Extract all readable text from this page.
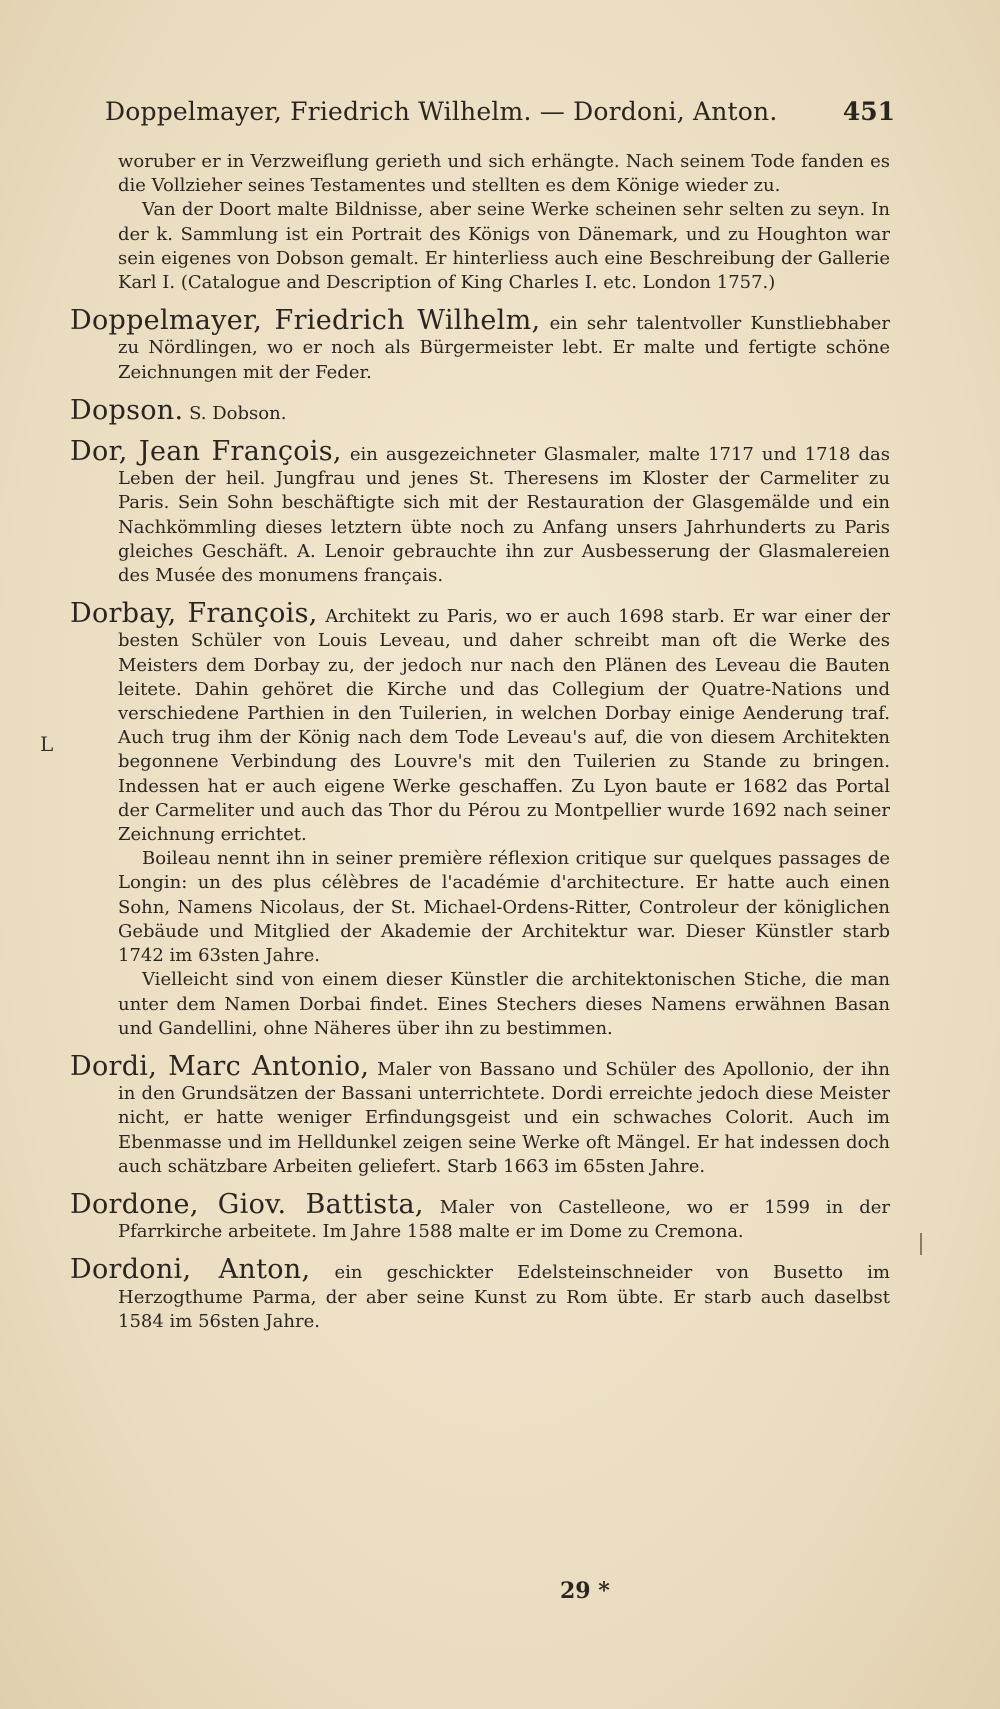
Doppelmayer, Friedrich Wilhelm. — Dordoni, Anton.	451

woruber er in Verzweiflung gerieth und sich erhängte. Nach seinem Tode fanden es die Vollzieher seines Testamentes und stellten es dem Könige wieder zu.

Van der Doort malte Bildnisse, aber seine Werke scheinen sehr selten zu seyn. In der k. Sammlung ist ein Portrait des Königs von Dänemark, und zu Houghton war sein eigenes von Dobson gemalt. Er hinterliess auch eine Beschreibung der Gallerie Karl I. (Catalogue and Description of King Charles I. etc. London 1757.)

Doppelmayer, Friedrich Wilhelm, ein sehr talentvoller Kunstliebhaber zu Nördlingen, wo er noch als Bürgermeister lebt. Er malte und fertigte schöne Zeichnungen mit der Feder.

Dopson. S. Dobson.

Dor, Jean François, ein ausgezeichneter Glasmaler, malte 1717 und 1718 das Leben der heil. Jungfrau und jenes St. Theresens im Kloster der Carmeliter zu Paris. Sein Sohn beschäftigte sich mit der Restauration der Glasgemälde und ein Nachkömmling dieses letztern übte noch zu Anfang unsers Jahrhunderts zu Paris gleiches Geschäft. A. Lenoir gebrauchte ihn zur Ausbesserung der Glasmalereien des Musée des monumens français.

Dorbay, François, Architekt zu Paris, wo er auch 1698 starb. Er war einer der besten Schüler von Louis Leveau, und daher schreibt man oft die Werke des Meisters dem Dorbay zu, der jedoch nur nach den Plänen des Leveau die Bauten leitete. Dahin gehöret die Kirche und das Collegium der Quatre-Nations und verschiedene Parthien in den Tuilerien, in welchen Dorbay einige Aenderung traf. Auch trug ihm der König nach dem Tode Leveau's auf, die von diesem Architekten begonnene Verbindung des Louvre's mit den Tuilerien zu Stande zu bringen. Indessen hat er auch eigene Werke geschaffen. Zu Lyon baute er 1682 das Portal der Carmeliter und auch das Thor du Pérou zu Montpellier wurde 1692 nach seiner Zeichnung errichtet.

Boileau nennt ihn in seiner première réflexion critique sur quelques passages de Longin: un des plus célèbres de l'académie d'architecture. Er hatte auch einen Sohn, Namens Nicolaus, der St. Michael-Ordens-Ritter, Controleur der königlichen Gebäude und Mitglied der Akademie der Architektur war. Dieser Künstler starb 1742 im 63sten Jahre.

Vielleicht sind von einem dieser Künstler die architektonischen Stiche, die man unter dem Namen Dorbai findet. Eines Stechers dieses Namens erwähnen Basan und Gandellini, ohne Näheres über ihn zu bestimmen.

Dordi, Marc Antonio, Maler von Bassano und Schüler des Apollonio, der ihn in den Grundsätzen der Bassani unterrichtete. Dordi erreichte jedoch diese Meister nicht, er hatte weniger Erfindungsgeist und ein schwaches Colorit. Auch im Ebenmasse und im Helldunkel zeigen seine Werke oft Mängel. Er hat indessen doch auch schätzbare Arbeiten geliefert. Starb 1663 im 65sten Jahre.

Dordone, Giov. Battista, Maler von Castelleone, wo er 1599 in der Pfarrkirche arbeitete. Im Jahre 1588 malte er im Dome zu Cremona.

Dordoni, Anton, ein geschickter Edelsteinschneider von Busetto im Herzogthume Parma, der aber seine Kunst zu Rom übte. Er starb auch daselbst 1584 im 56sten Jahre.

29 *
L
